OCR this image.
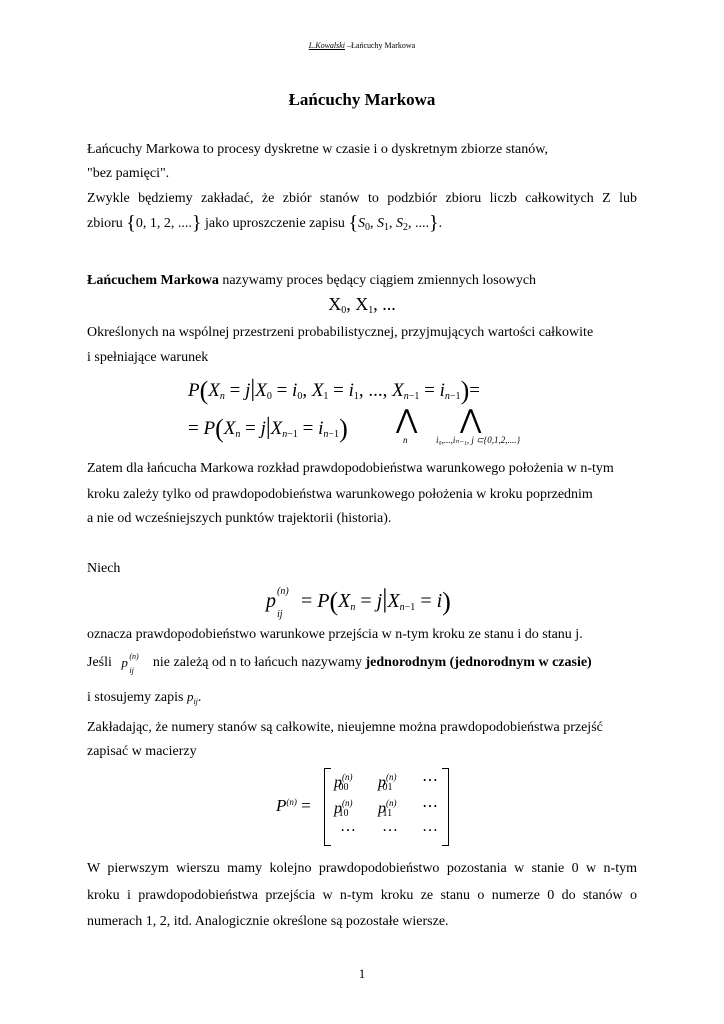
L.Kowalski –Łańcuchy Markowa
Łańcuchy Markowa
Łańcuchy Markowa to procesy dyskretne w czasie i o dyskretnym zbiorze stanów,
"bez pamięci".
Zwykle będziemy zakładać, że zbiór stanów to podzbiór zbioru liczb całkowitych Z lub
zbioru {0, 1, 2, ....} jako uproszczenie zapisu {$S_0$, $S_1$, $S_2$, ....}.
Łańcuchem Markowa nazywamy proces będący ciągiem zmiennych losowych
$X_0$, $X_1$, ...
Określonych na wspólnej przestrzeni probabilistycznej, przyjmujących wartości całkowite
i spełniające warunek
$P(X_n = j|X_0 = i_0$, $X_1 = i_1$, ..., $X_{n-1} = i_{n-1})=$
= $P(X_n = j|X_{n-1} = i_{n-1})$ ⋀
n
⋀
i₀,...,iₙ₋₁, j ⊂{0,1,2,....}
Zatem dla łańcucha Markowa rozkład prawdopodobieństwa warunkowego położenia w n-tym
kroku zależy tylko od prawdopodobieństwa warunkowego położenia w kroku poprzednim
a nie od wcześniejszych punktów trajektorii (historia).
Niech
p (n)
ij
= $P(X_n = j|X_{n-1} = i)$
oznacza prawdopodobieństwo warunkowe przejścia w n-tym kroku ze stanu i do stanu j.
Jeśli p (n)
ij
nie zależą od n to łańcuch nazywamy jednorodnym (jednorodnym w czasie)
i stosujemy zapis $p_{ij}$.
Zakładając, że numery stanów są całkowite, nieujemne można prawdopodobieństwa przejść
zapisać w macierzy
$P^{(n)}$ =
$p^{(n)}00$ $p^{(n)}01$ ⋯
$p^{(n)}10$ $p^{(n)}11$ ⋯
… … …
W pierwszym wierszu mamy kolejno prawdopodobieństwo pozostania w stanie 0 w n-tym
kroku i prawdopodobieństwa przejścia w n-tym kroku ze stanu o numerze 0 do stanów o
numerach 1, 2, itd. Analogicznie określone są pozostałe wiersze.
1
